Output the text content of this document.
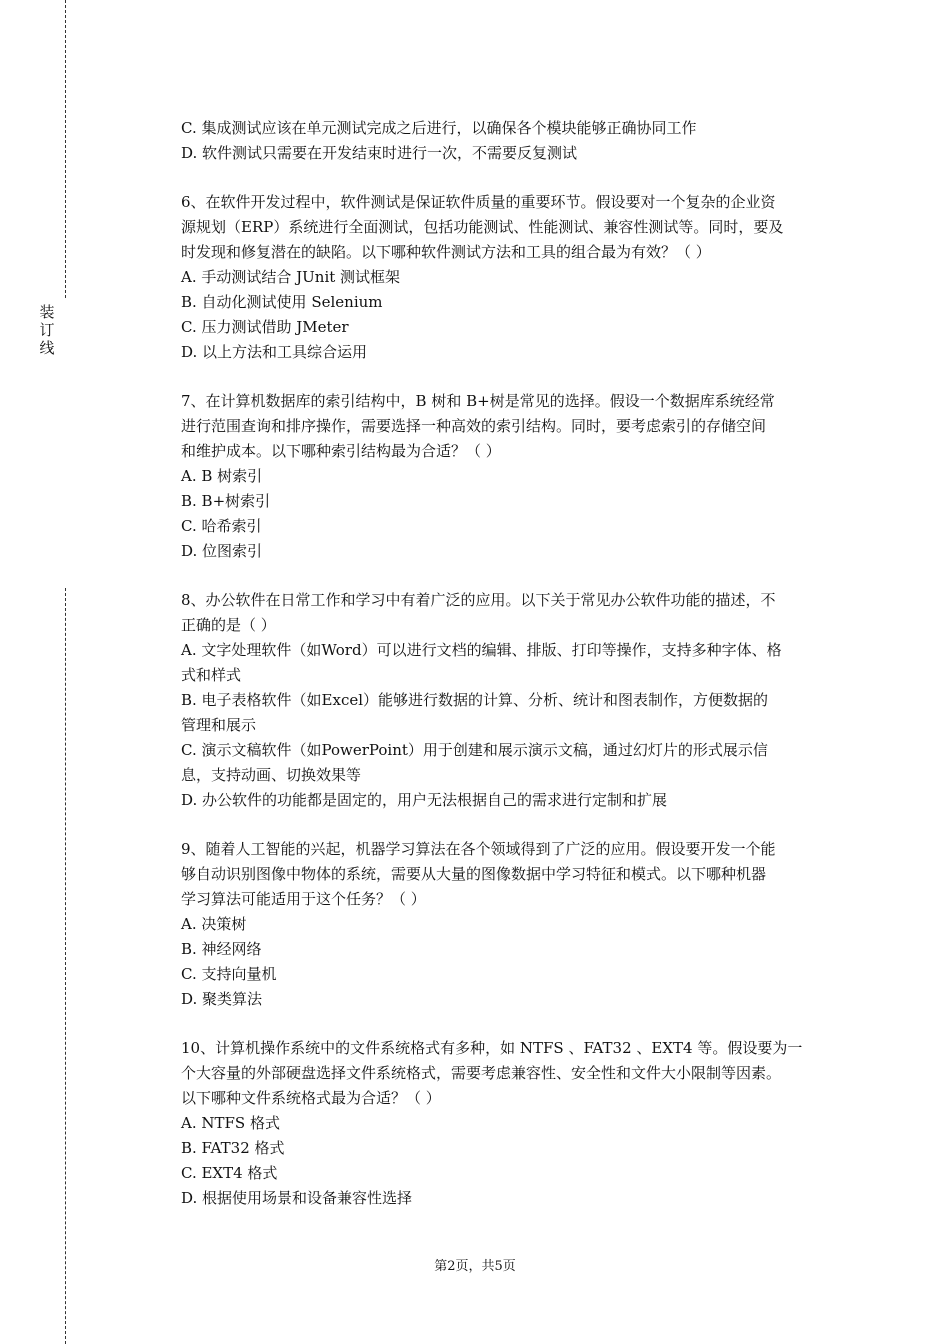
装
订
线
C. 集成测试应该在单元测试完成之后进行，以确保各个模块能够正确协同工作
D. 软件测试只需要在开发结束时进行一次，不需要反复测试
6、在软件开发过程中，软件测试是保证软件质量的重要环节。假设要对一个复杂的企业资
源规划（ERP）系统进行全面测试，包括功能测试、性能测试、兼容性测试等。同时，要及
时发现和修复潜在的缺陷。以下哪种软件测试方法和工具的组合最为有效？（ ）
A. 手动测试结合 JUnit 测试框架
B. 自动化测试使用 Selenium
C. 压力测试借助 JMeter
D. 以上方法和工具综合运用
7、在计算机数据库的索引结构中，B 树和 B+树是常见的选择。假设一个数据库系统经常
进行范围查询和排序操作，需要选择一种高效的索引结构。同时，要考虑索引的存储空间
和维护成本。以下哪种索引结构最为合适？（ ）
A. B 树索引
B. B+树索引
C. 哈希索引
D. 位图索引
8、办公软件在日常工作和学习中有着广泛的应用。以下关于常见办公软件功能的描述，不
正确的是（ ）
A. 文字处理软件（如Word）可以进行文档的编辑、排版、打印等操作，支持多种字体、格
式和样式
B. 电子表格软件（如Excel）能够进行数据的计算、分析、统计和图表制作，方便数据的
管理和展示
C. 演示文稿软件（如PowerPoint）用于创建和展示演示文稿，通过幻灯片的形式展示信
息，支持动画、切换效果等
D. 办公软件的功能都是固定的，用户无法根据自己的需求进行定制和扩展
9、随着人工智能的兴起，机器学习算法在各个领域得到了广泛的应用。假设要开发一个能
够自动识别图像中物体的系统，需要从大量的图像数据中学习特征和模式。以下哪种机器
学习算法可能适用于这个任务？（ ）
A. 决策树
B. 神经网络
C. 支持向量机
D. 聚类算法
10、计算机操作系统中的文件系统格式有多种，如 NTFS 、FAT32 、EXT4 等。假设要为一
个大容量的外部硬盘选择文件系统格式，需要考虑兼容性、安全性和文件大小限制等因素。
以下哪种文件系统格式最为合适？（ ）
A. NTFS 格式
B. FAT32 格式
C. EXT4 格式
D. 根据使用场景和设备兼容性选择
第2页，共5页
